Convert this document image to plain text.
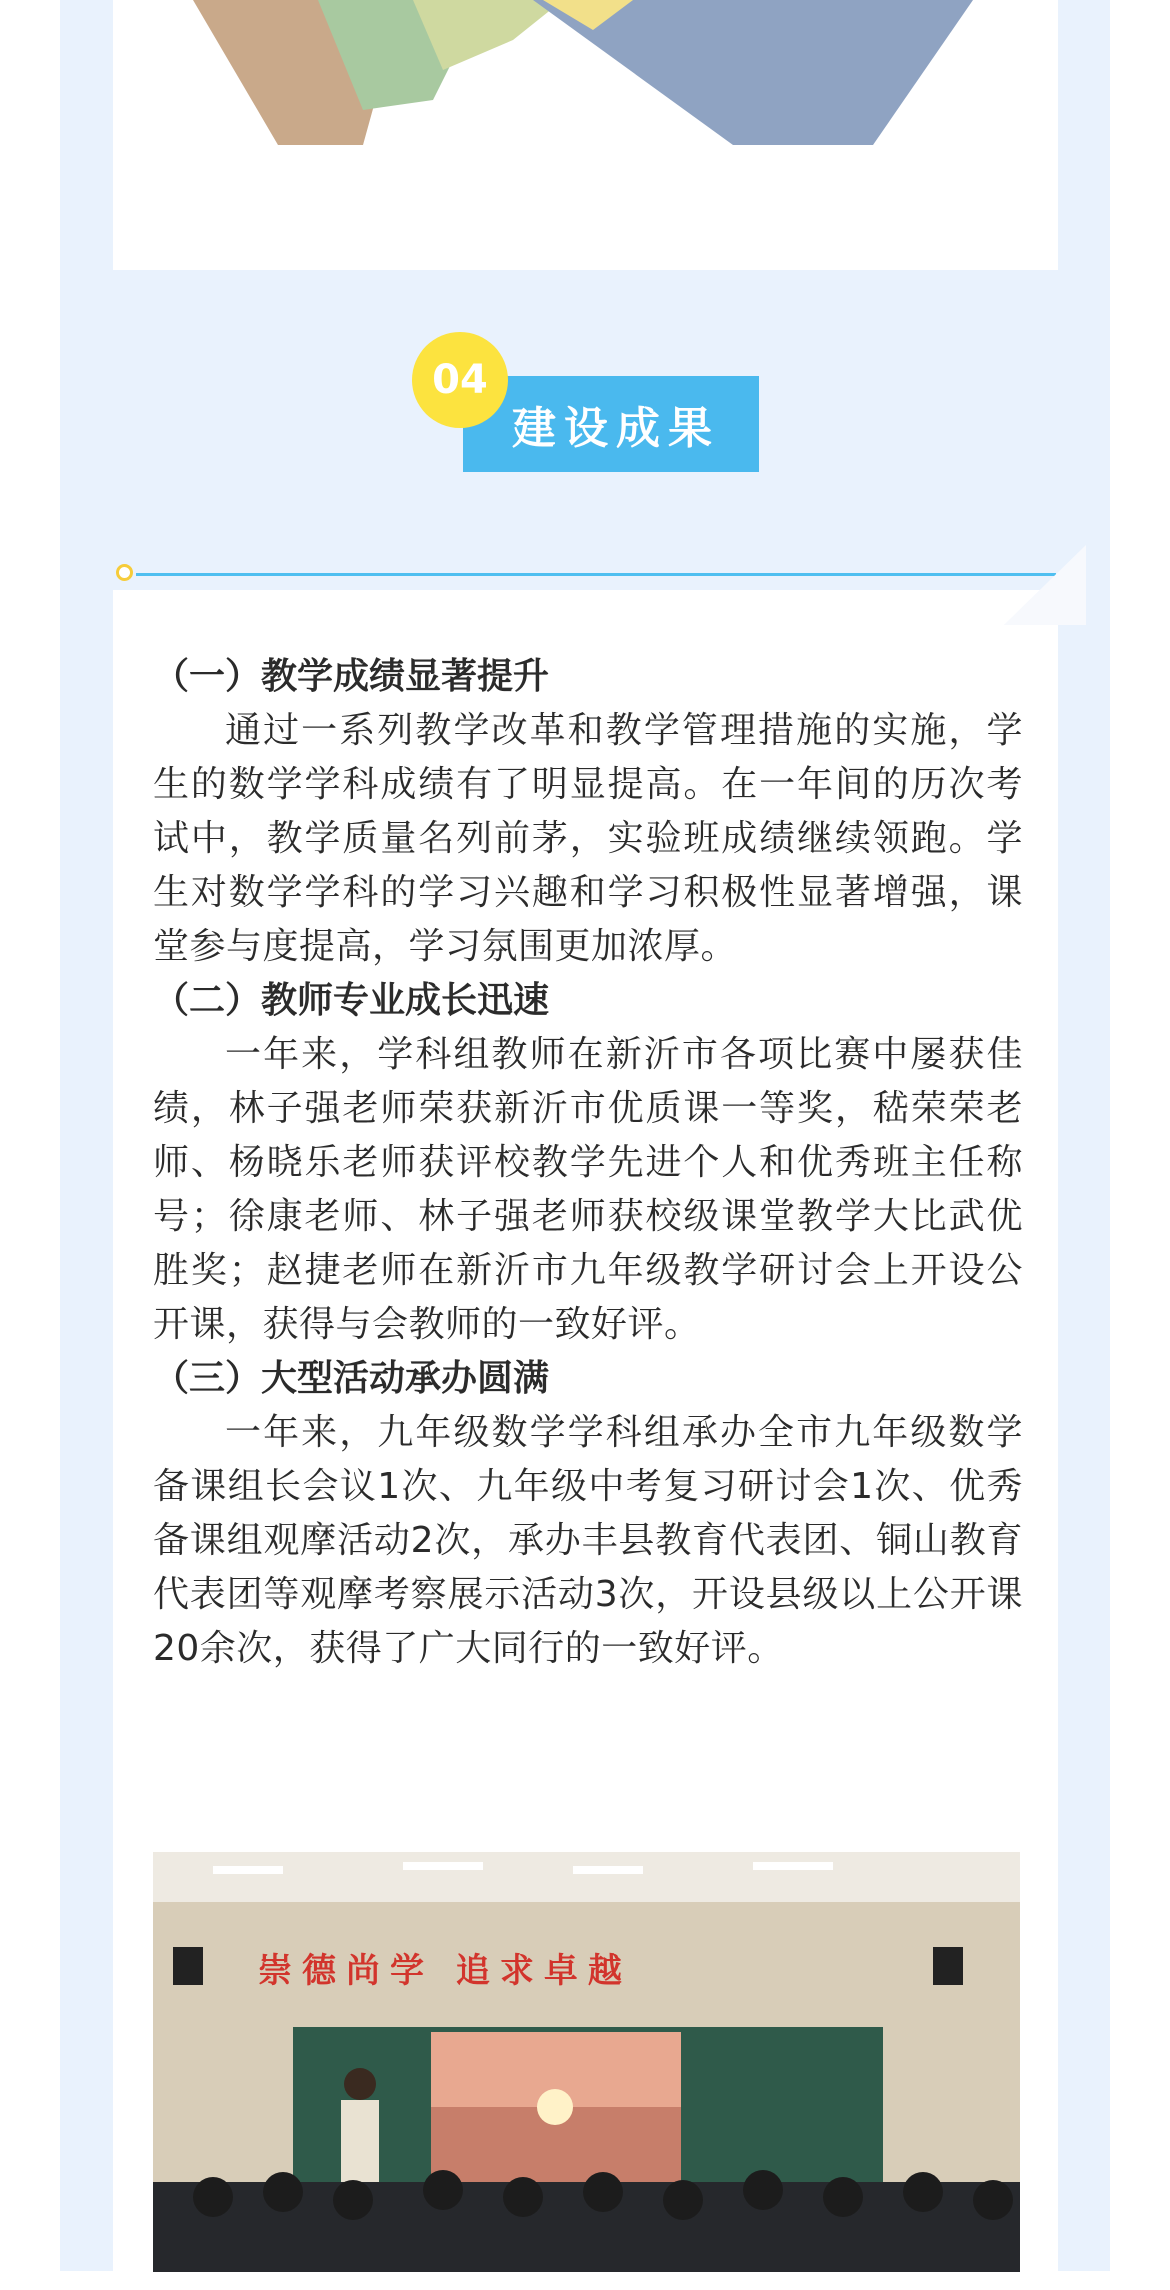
04
建设成果
（一）教学成绩显著提升

通过一系列教学改革和教学管理措施的实施，学生的数学学科成绩有了明显提高。在一年间的历次考试中，教学质量名列前茅，实验班成绩继续领跑。学生对数学学科的学习兴趣和学习积极性显著增强，课堂参与度提高，学习氛围更加浓厚。

（二）教师专业成长迅速

一年来，学科组教师在新沂市各项比赛中屡获佳绩，林子强老师荣获新沂市优质课一等奖，嵇荣荣老师、杨晓乐老师获评校教学先进个人和优秀班主任称号；徐康老师、林子强老师获校级课堂教学大比武优胜奖；赵捷老师在新沂市九年级教学研讨会上开设公开课，获得与会教师的一致好评。

（三）大型活动承办圆满

一年来，九年级数学学科组承办全市九年级数学备课组长会议1次、九年级中考复习研讨会1次、优秀备课组观摩活动2次，承办丰县教育代表团、铜山教育代表团等观摩考察展示活动3次，开设县级以上公开课20余次，获得了广大同行的一致好评。

崇德尚学 追求卓越
